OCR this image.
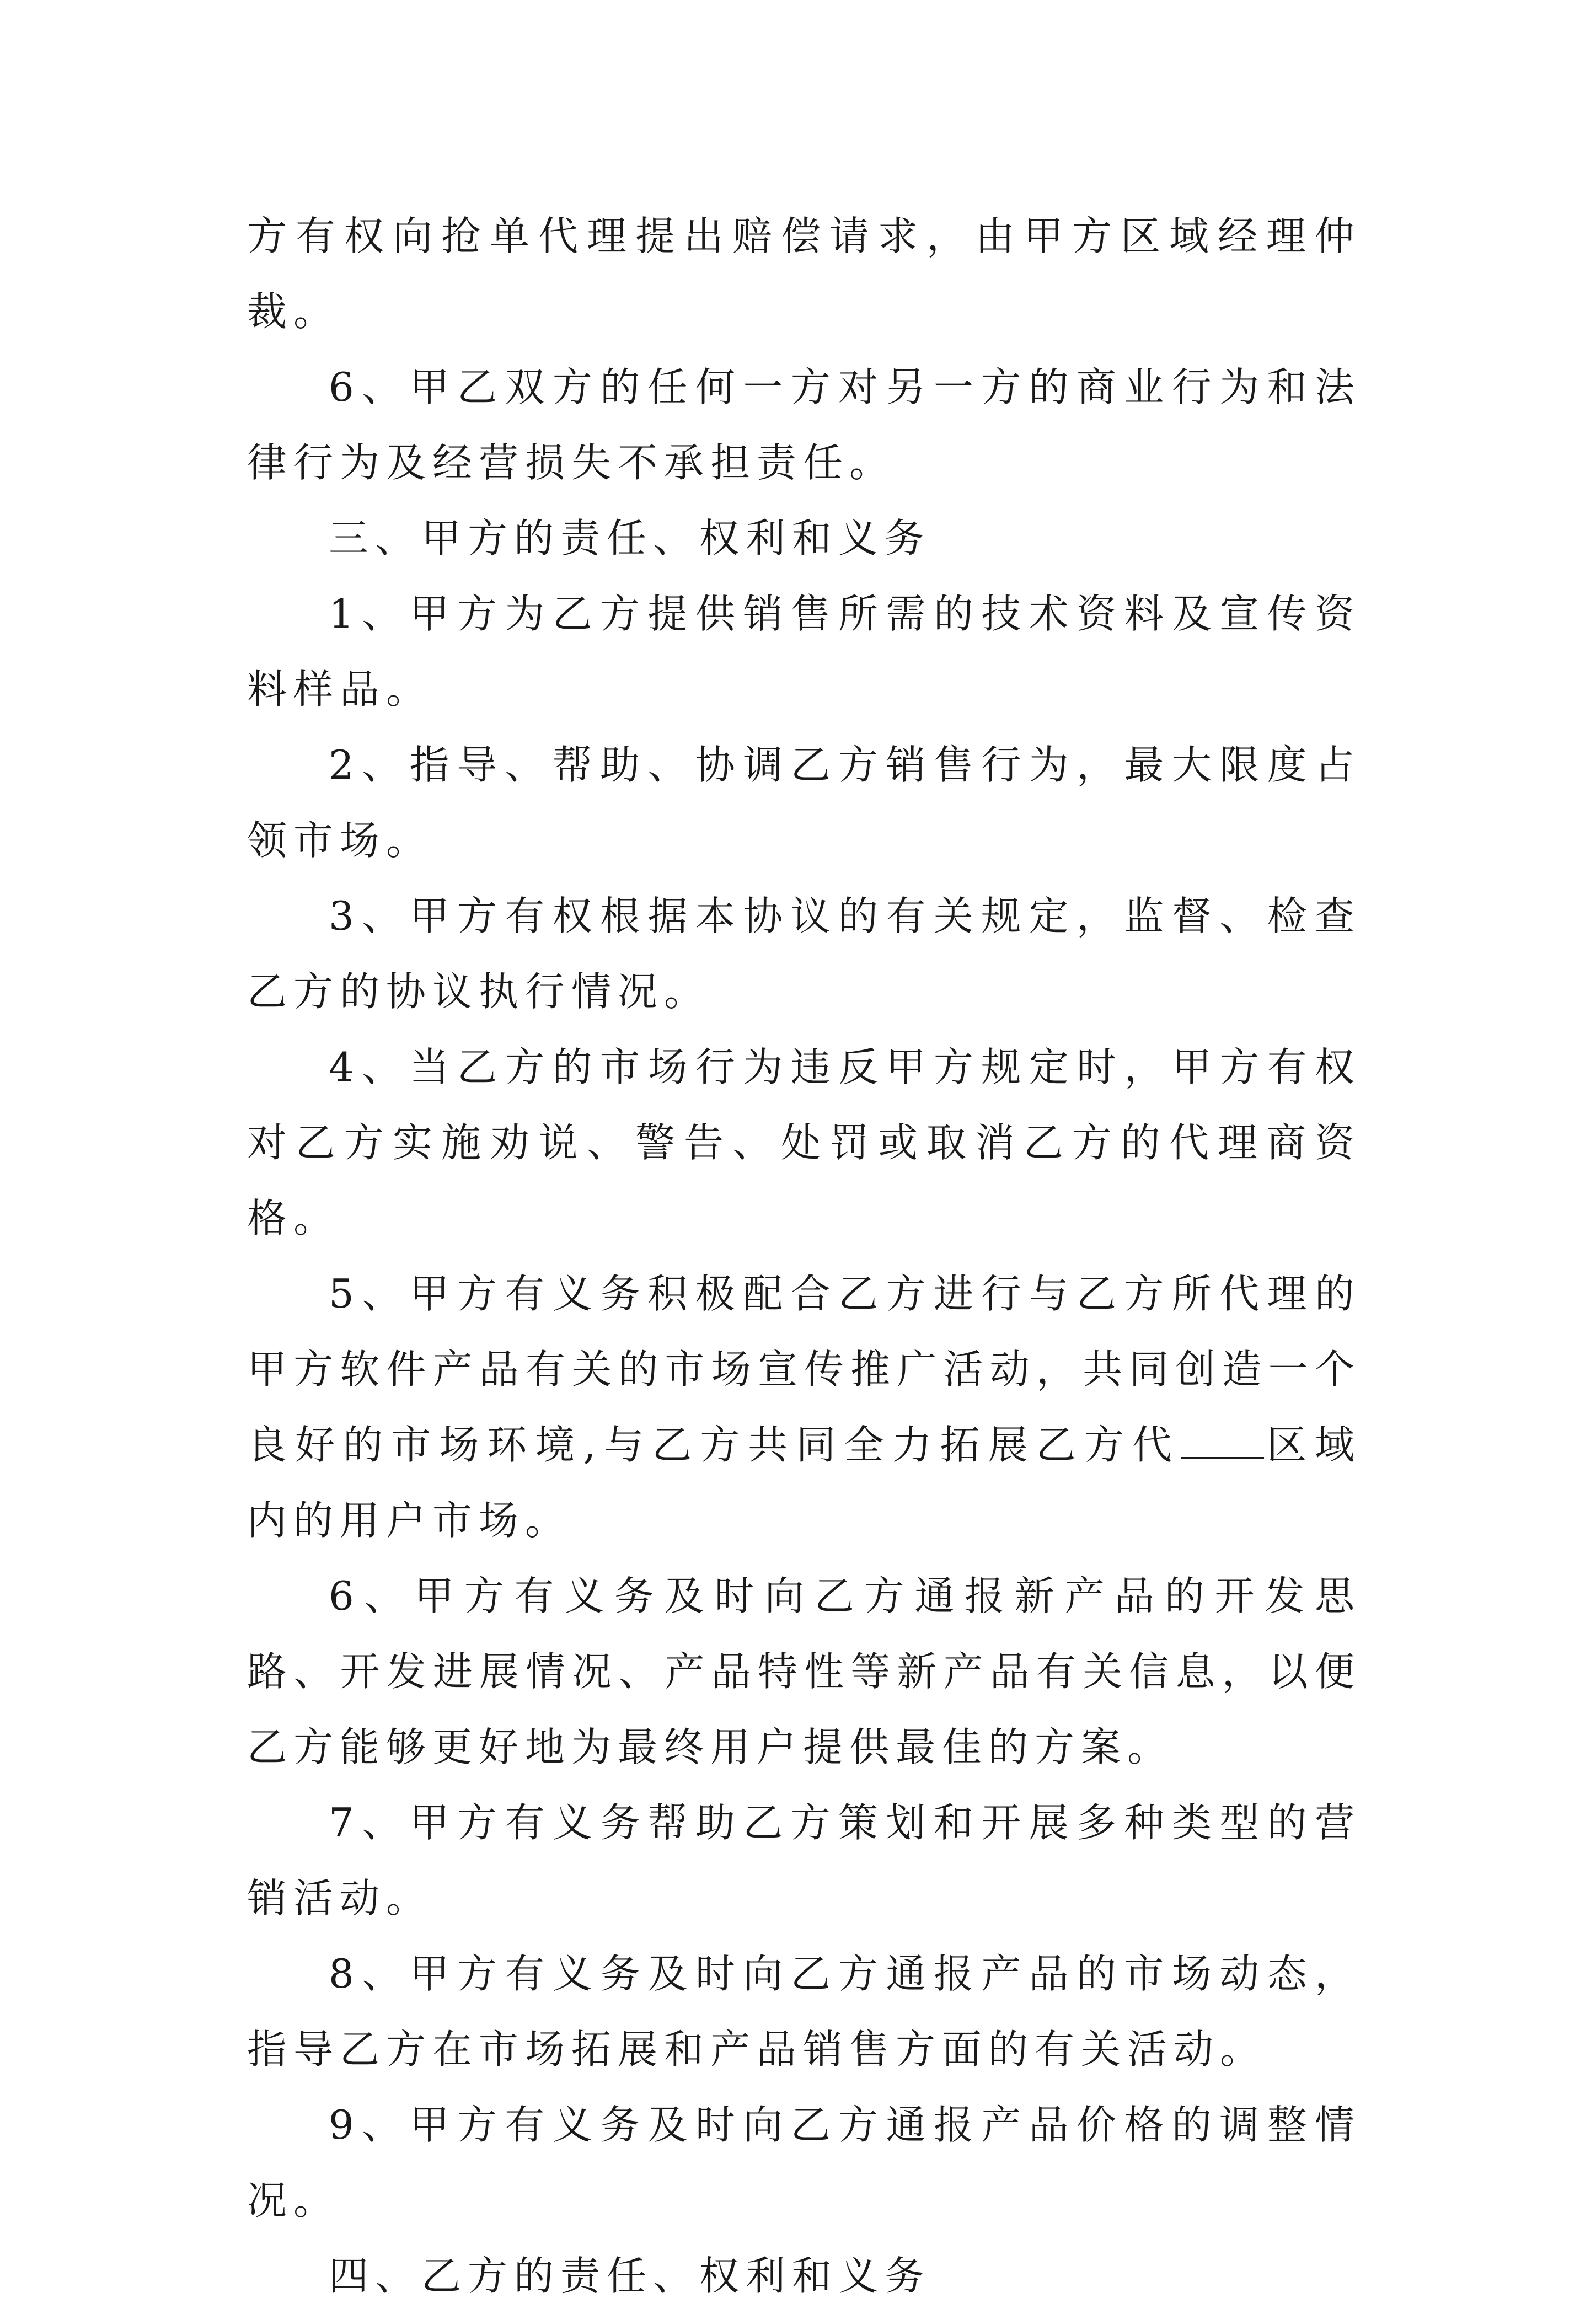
方有权向抢单代理提出赔偿请求，由甲方区域经理仲裁。

6、甲乙双方的任何一方对另一方的商业行为和法律行为及经营损失不承担责任。

三、甲方的责任、权利和义务

1、甲方为乙方提供销售所需的技术资料及宣传资料样品。

2、指导、帮助、协调乙方销售行为，最大限度占领市场。

3、甲方有权根据本协议的有关规定，监督、检查乙方的协议执行情况。

4、当乙方的市场行为违反甲方规定时，甲方有权对乙方实施劝说、警告、处罚或取消乙方的代理商资格。

5、甲方有义务积极配合乙方进行与乙方所代理的甲方软件产品有关的市场宣传推广活动，共同创造一个良好的市场环境,与乙方共同全力拓展乙方代 区域内的用户市场。

6、甲方有义务及时向乙方通报新产品的开发思路、开发进展情况、产品特性等新产品有关信息，以便乙方能够更好地为最终用户提供最佳的方案。

7、甲方有义务帮助乙方策划和开展多种类型的营销活动。

8、甲方有义务及时向乙方通报产品的市场动态，指导乙方在市场拓展和产品销售方面的有关活动。

9、甲方有义务及时向乙方通报产品价格的调整情况。

四、乙方的责任、权利和义务
